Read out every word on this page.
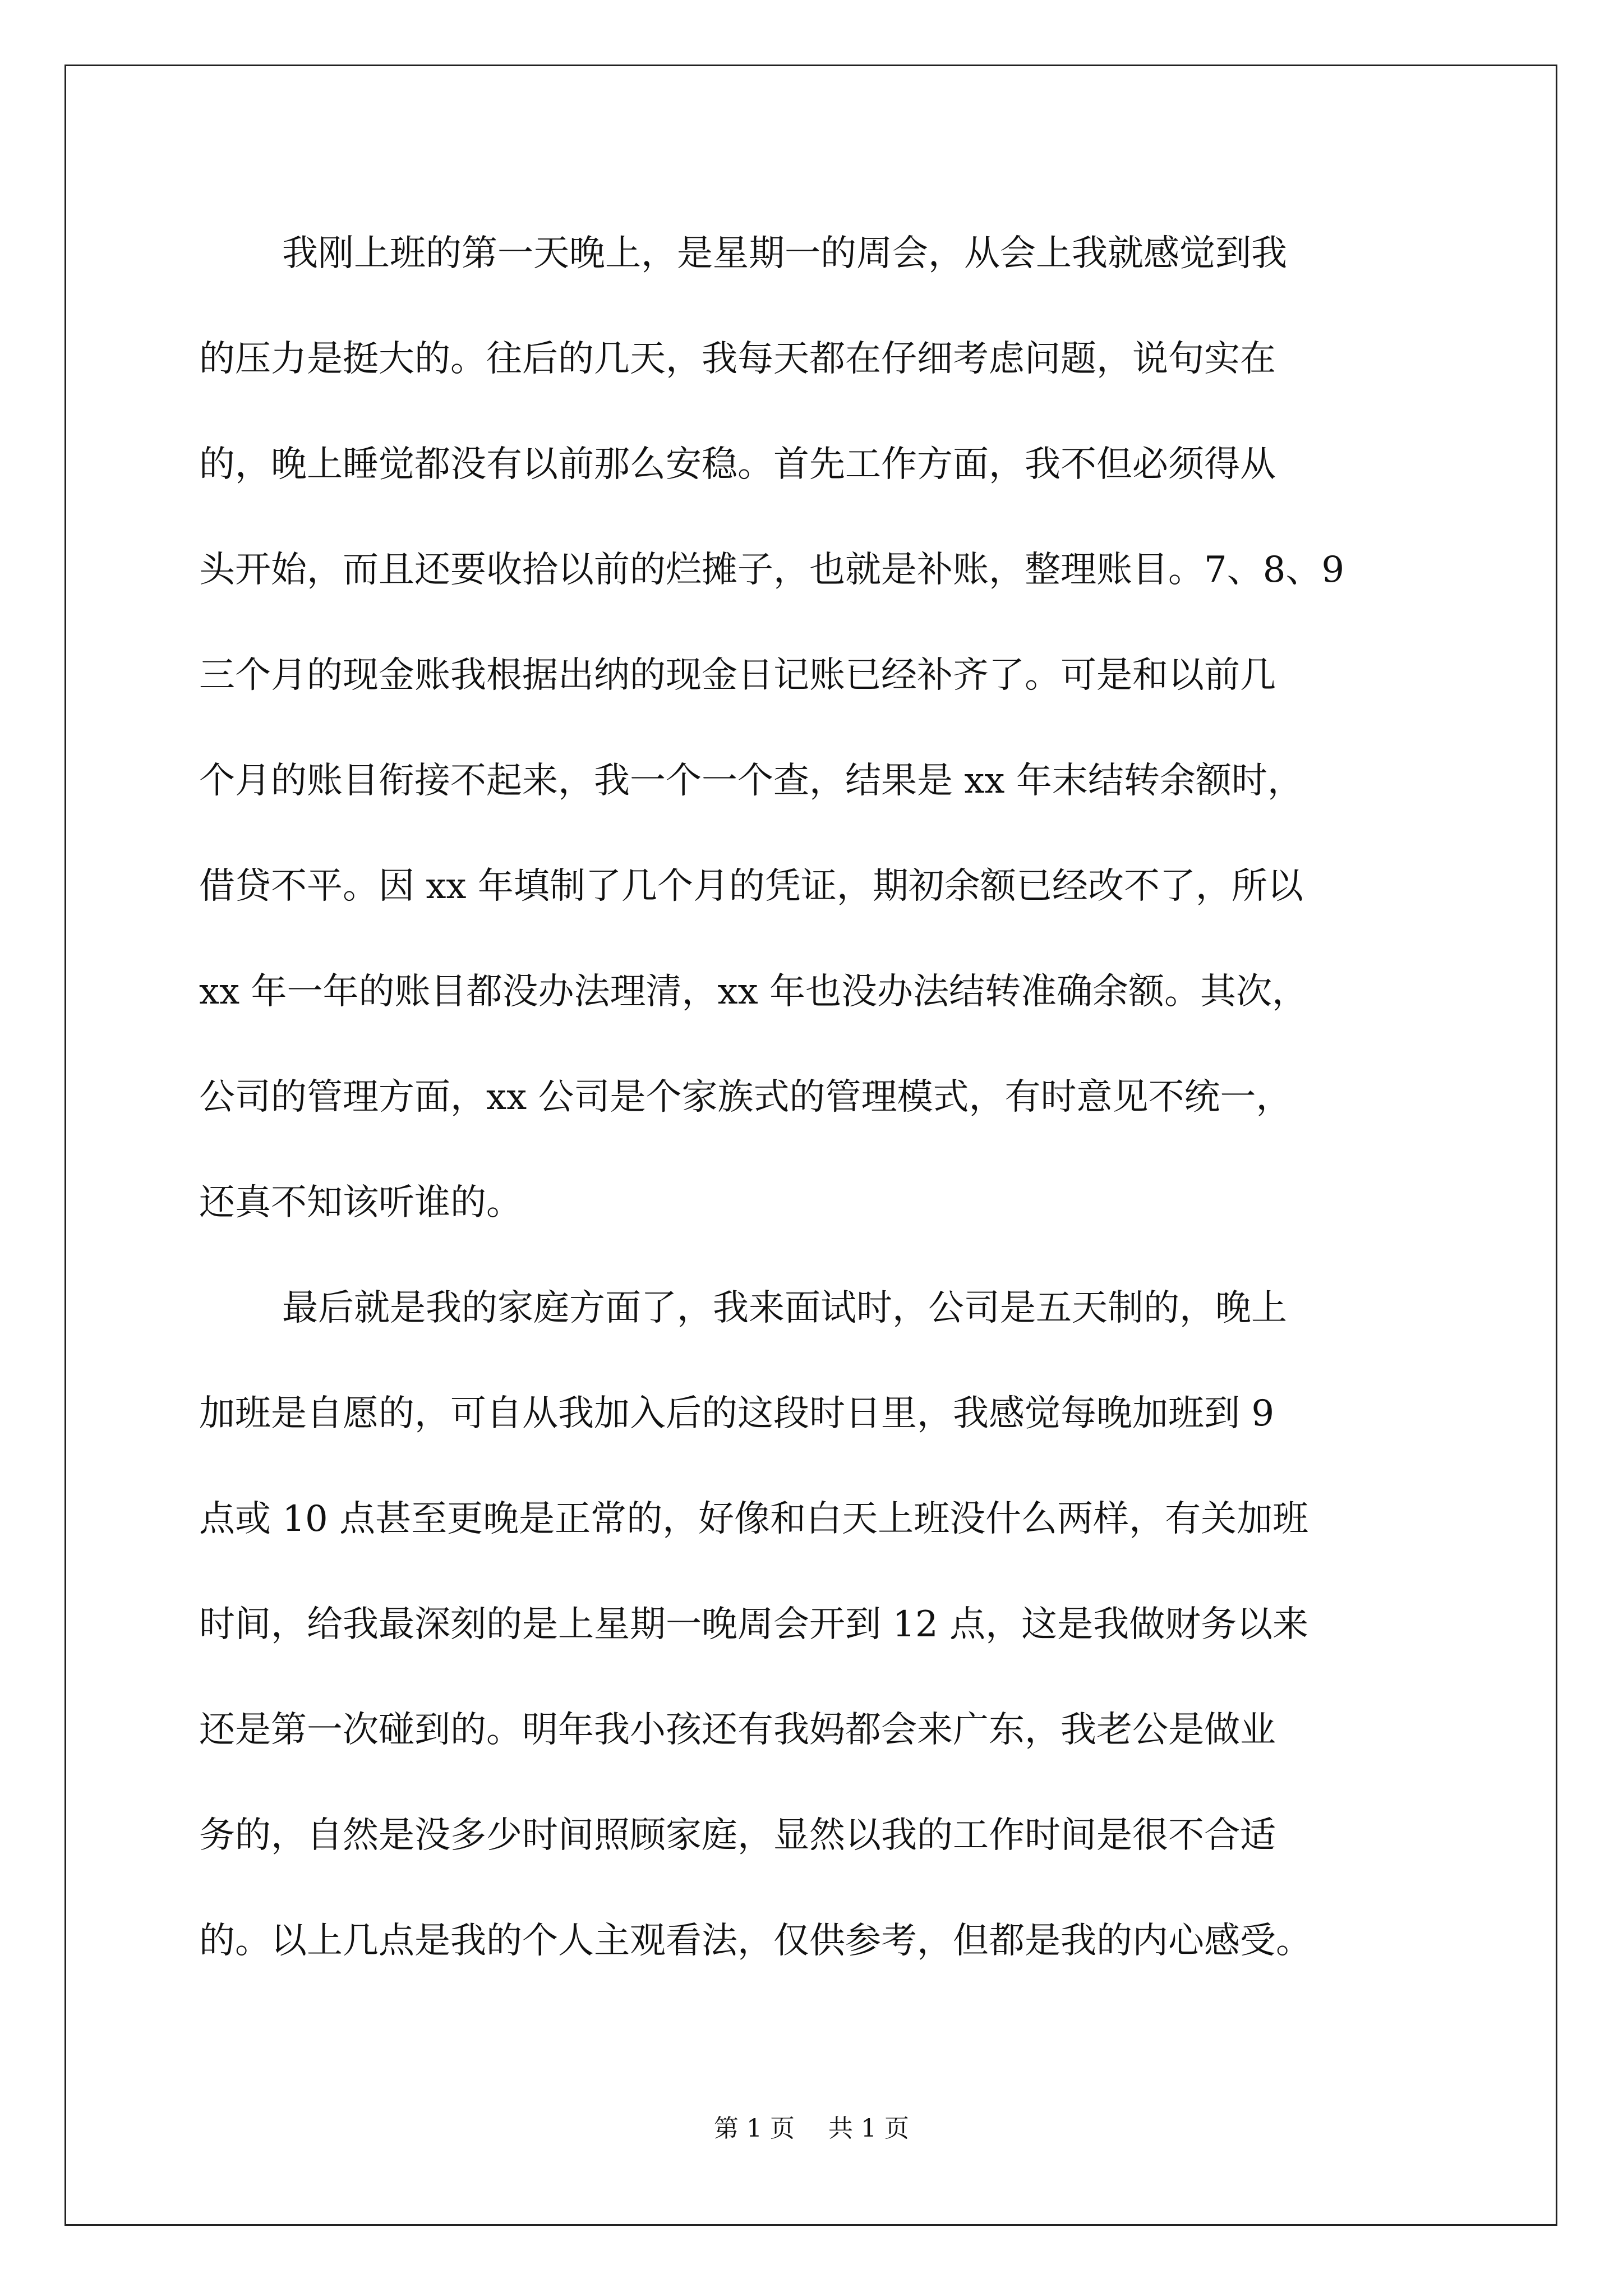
我刚上班的第一天晚上，是星期一的周会，从会上我就感觉到我
的压力是挺大的。往后的几天，我每天都在仔细考虑问题，说句实在
的，晚上睡觉都没有以前那么安稳。首先工作方面，我不但必须得从
头开始，而且还要收拾以前的烂摊子，也就是补账，整理账目。7、8、9
三个月的现金账我根据出纳的现金日记账已经补齐了。可是和以前几
个月的账目衔接不起来，我一个一个查，结果是 xx 年末结转余额时，
借贷不平。因 xx 年填制了几个月的凭证，期初余额已经改不了，所以
xx 年一年的账目都没办法理清，xx 年也没办法结转准确余额。其次，
公司的管理方面，xx 公司是个家族式的管理模式，有时意见不统一，
还真不知该听谁的。
最后就是我的家庭方面了，我来面试时，公司是五天制的，晚上
加班是自愿的，可自从我加入后的这段时日里，我感觉每晚加班到 9
点或 10 点甚至更晚是正常的，好像和白天上班没什么两样，有关加班
时间，给我最深刻的是上星期一晚周会开到 12 点，这是我做财务以来
还是第一次碰到的。明年我小孩还有我妈都会来广东，我老公是做业
务的，自然是没多少时间照顾家庭，显然以我的工作时间是很不合适
的。以上几点是我的个人主观看法，仅供参考，但都是我的内心感受。
第 1 页 共 1 页
